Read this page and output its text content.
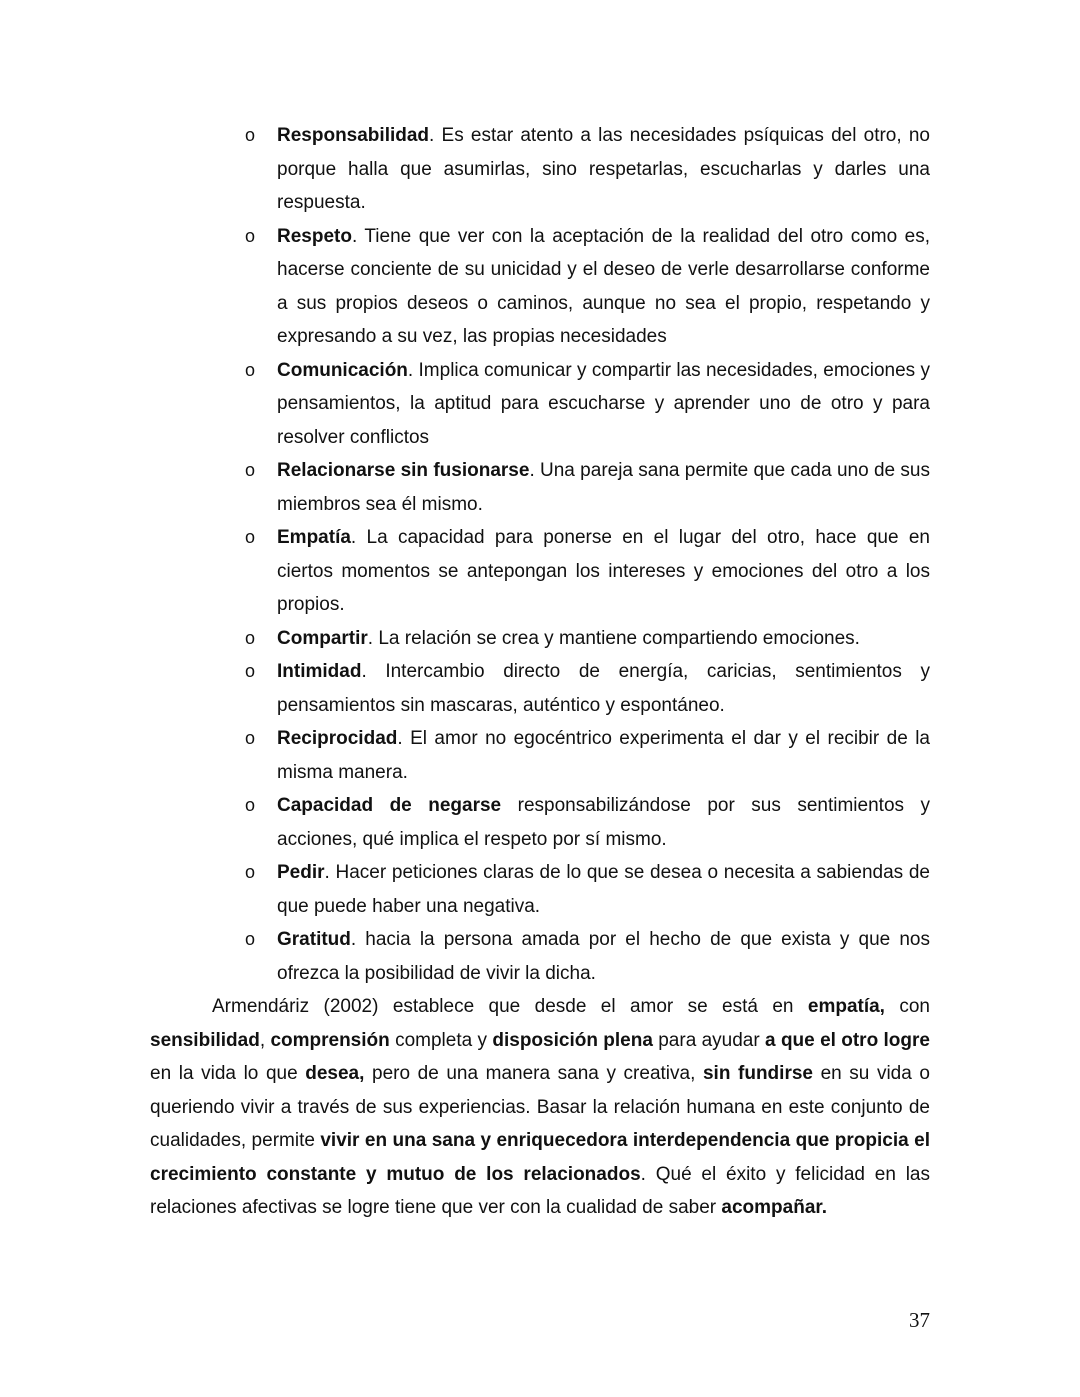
o Responsabilidad. Es estar atento a las necesidades psíquicas del otro, no porque halla que asumirlas, sino respetarlas, escucharlas y darles una respuesta.
o Respeto. Tiene que ver con la aceptación de la realidad del otro como es, hacerse conciente de su unicidad y el deseo de verle desarrollarse conforme a sus propios deseos o caminos, aunque no sea el propio, respetando y expresando a su vez, las propias necesidades
o Comunicación. Implica comunicar y compartir las necesidades, emociones y pensamientos, la aptitud para escucharse y aprender uno de otro y para resolver conflictos
o Relacionarse sin fusionarse. Una pareja sana permite que cada uno de sus miembros sea él mismo.
o Empatía. La capacidad para ponerse en el lugar del otro, hace que en ciertos momentos se antepongan los intereses y emociones del otro a los propios.
o Compartir. La relación se crea y mantiene compartiendo emociones.
o Intimidad. Intercambio directo de energía, caricias, sentimientos y pensamientos sin mascaras, auténtico y espontáneo.
o Reciprocidad. El amor no egocéntrico experimenta el dar y el recibir de la misma manera.
o Capacidad de negarse responsabilizándose por sus sentimientos y acciones, qué implica el respeto por sí mismo.
o Pedir. Hacer peticiones claras de lo que se desea o necesita a sabiendas de que puede haber una negativa.
o Gratitud. hacia la persona amada por el hecho de que exista y que nos ofrezca la posibilidad de vivir la dicha.

Armendáriz (2002) establece que desde el amor se está en empatía, con sensibilidad, comprensión completa y disposición plena para ayudar a que el otro logre en la vida lo que desea, pero de una manera sana y creativa, sin fundirse en su vida o queriendo vivir a través de sus experiencias. Basar la relación humana en este conjunto de cualidades, permite vivir en una sana y enriquecedora interdependencia que propicia el crecimiento constante y mutuo de los relacionados. Qué el éxito y felicidad en las relaciones afectivas se logre tiene que ver con la cualidad de saber acompañar.

37
